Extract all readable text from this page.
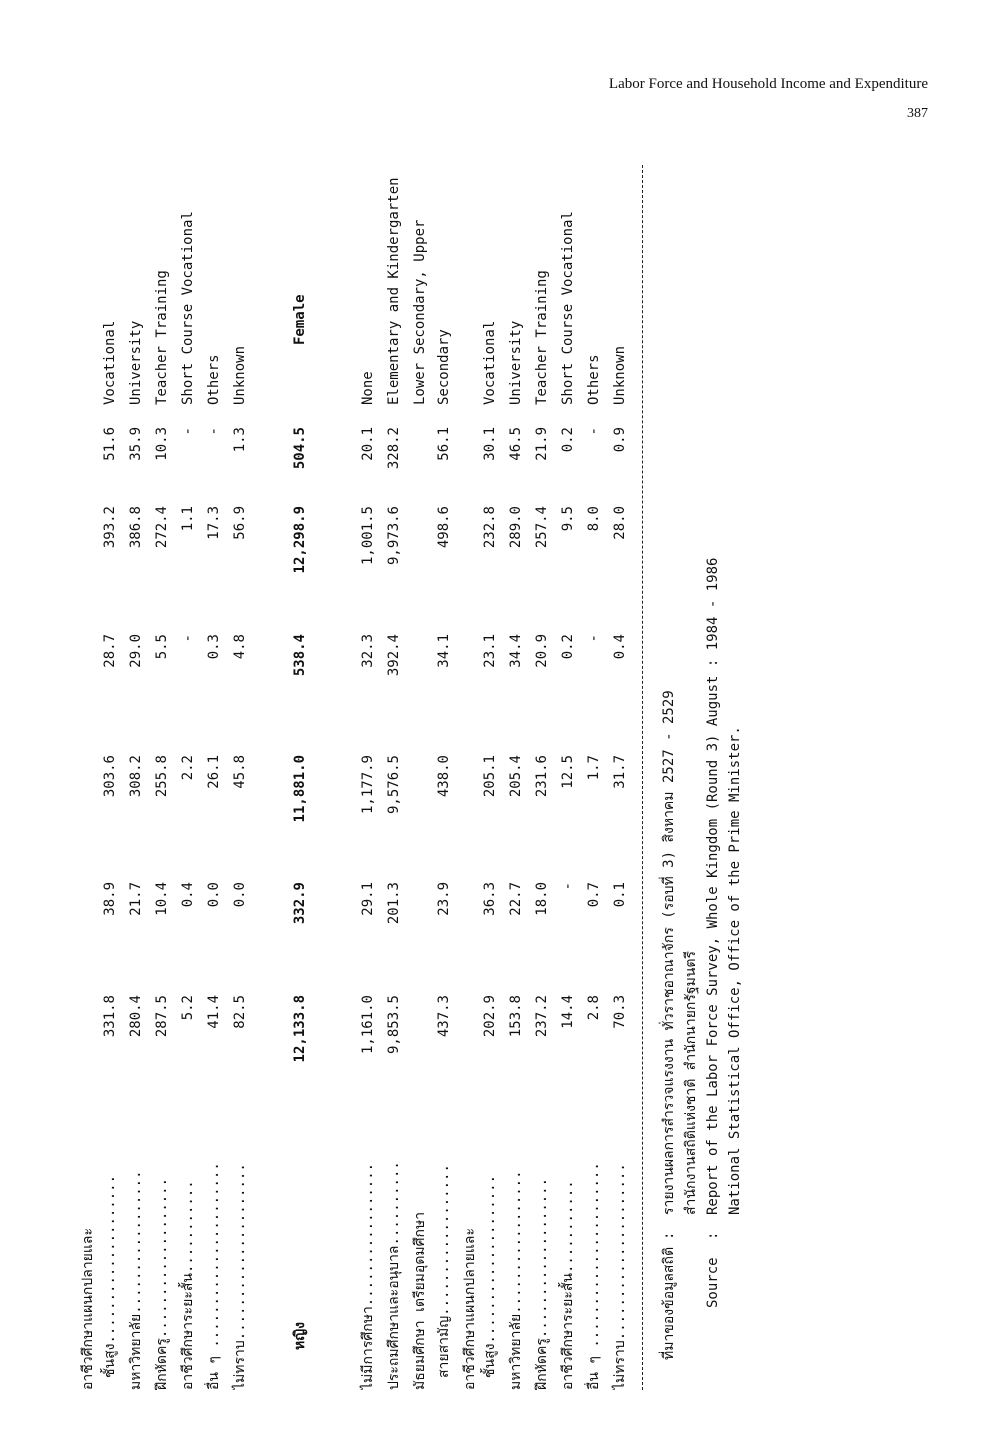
Labor Force and Household Income and Expenditure
387
อาชีวศึกษาแผนกปลายและ ชั้นสูง....................
331.8
38.9
303.6
28.7
393.2
51.6
Vocational
มหาวิทยาลัย.................
280.4
21.7
308.2
29.0
386.8
35.9
University
ฝึกหัดครู...................
287.5
10.4
255.8
5.5
272.4
10.3
Teacher Training
อาชีวศึกษาระยะสั้น...........
5.2
0.4
2.2
-
1.1
-
Short Course Vocational
อื่น ๆ ......................
41.4
0.0
26.1
0.3
17.3
-
Others
ไม่ทราบ.....................
82.5
0.0
45.8
4.8
56.9
1.3
Unknown
หญิง
12,133.8
332.9
11,881.0
538.4
12,298.9
504.5
Female
ไม่มีการศึกษา.................
1,161.0
29.1
1,177.9
32.3
1,001.5
20.1
None
ประถมศึกษาและอนุบาล..........
9,853.5
201.3
9,576.5
392.4
9,973.6
328.2
Elementary and Kindergarten
มัธยมศึกษา เตรียมอุดมศึกษา
Lower Secondary, Upper
สายสามัญ..................
437.3
23.9
438.0
34.1
498.6
56.1
Secondary
อาชีวศึกษาแผนกปลายและ ชั้นสูง....................
202.9
36.3
205.1
23.1
232.8
30.1
Vocational
มหาวิทยาลัย.................
153.8
22.7
205.4
34.4
289.0
46.5
University
ฝึกหัดครู...................
237.2
18.0
231.6
20.9
257.4
21.9
Teacher Training
อาชีวศึกษาระยะสั้น...........
14.4
-
12.5
0.2
9.5
0.2
Short Course Vocational
อื่น ๆ ......................
2.8
0.7
1.7
-
8.0
-
Others
ไม่ทราบ.....................
70.3
0.1
31.7
0.4
28.0
0.9
Unknown
ที่มาของข้อมูลสถิติ
:
รายงานผลการสำรวจแรงงาน ทั่วราชอาณาจักร (รอบที่ 3) สิงหาคม 2527 - 2529 สำนักงานสถิติแห่งชาติ สำนักนายกรัฐมนตรี
Source
:
Report of the Labor Force Survey, Whole Kingdom (Round 3) August : 1984 - 1986 National Statistical Office, Office of the Prime Minister.
